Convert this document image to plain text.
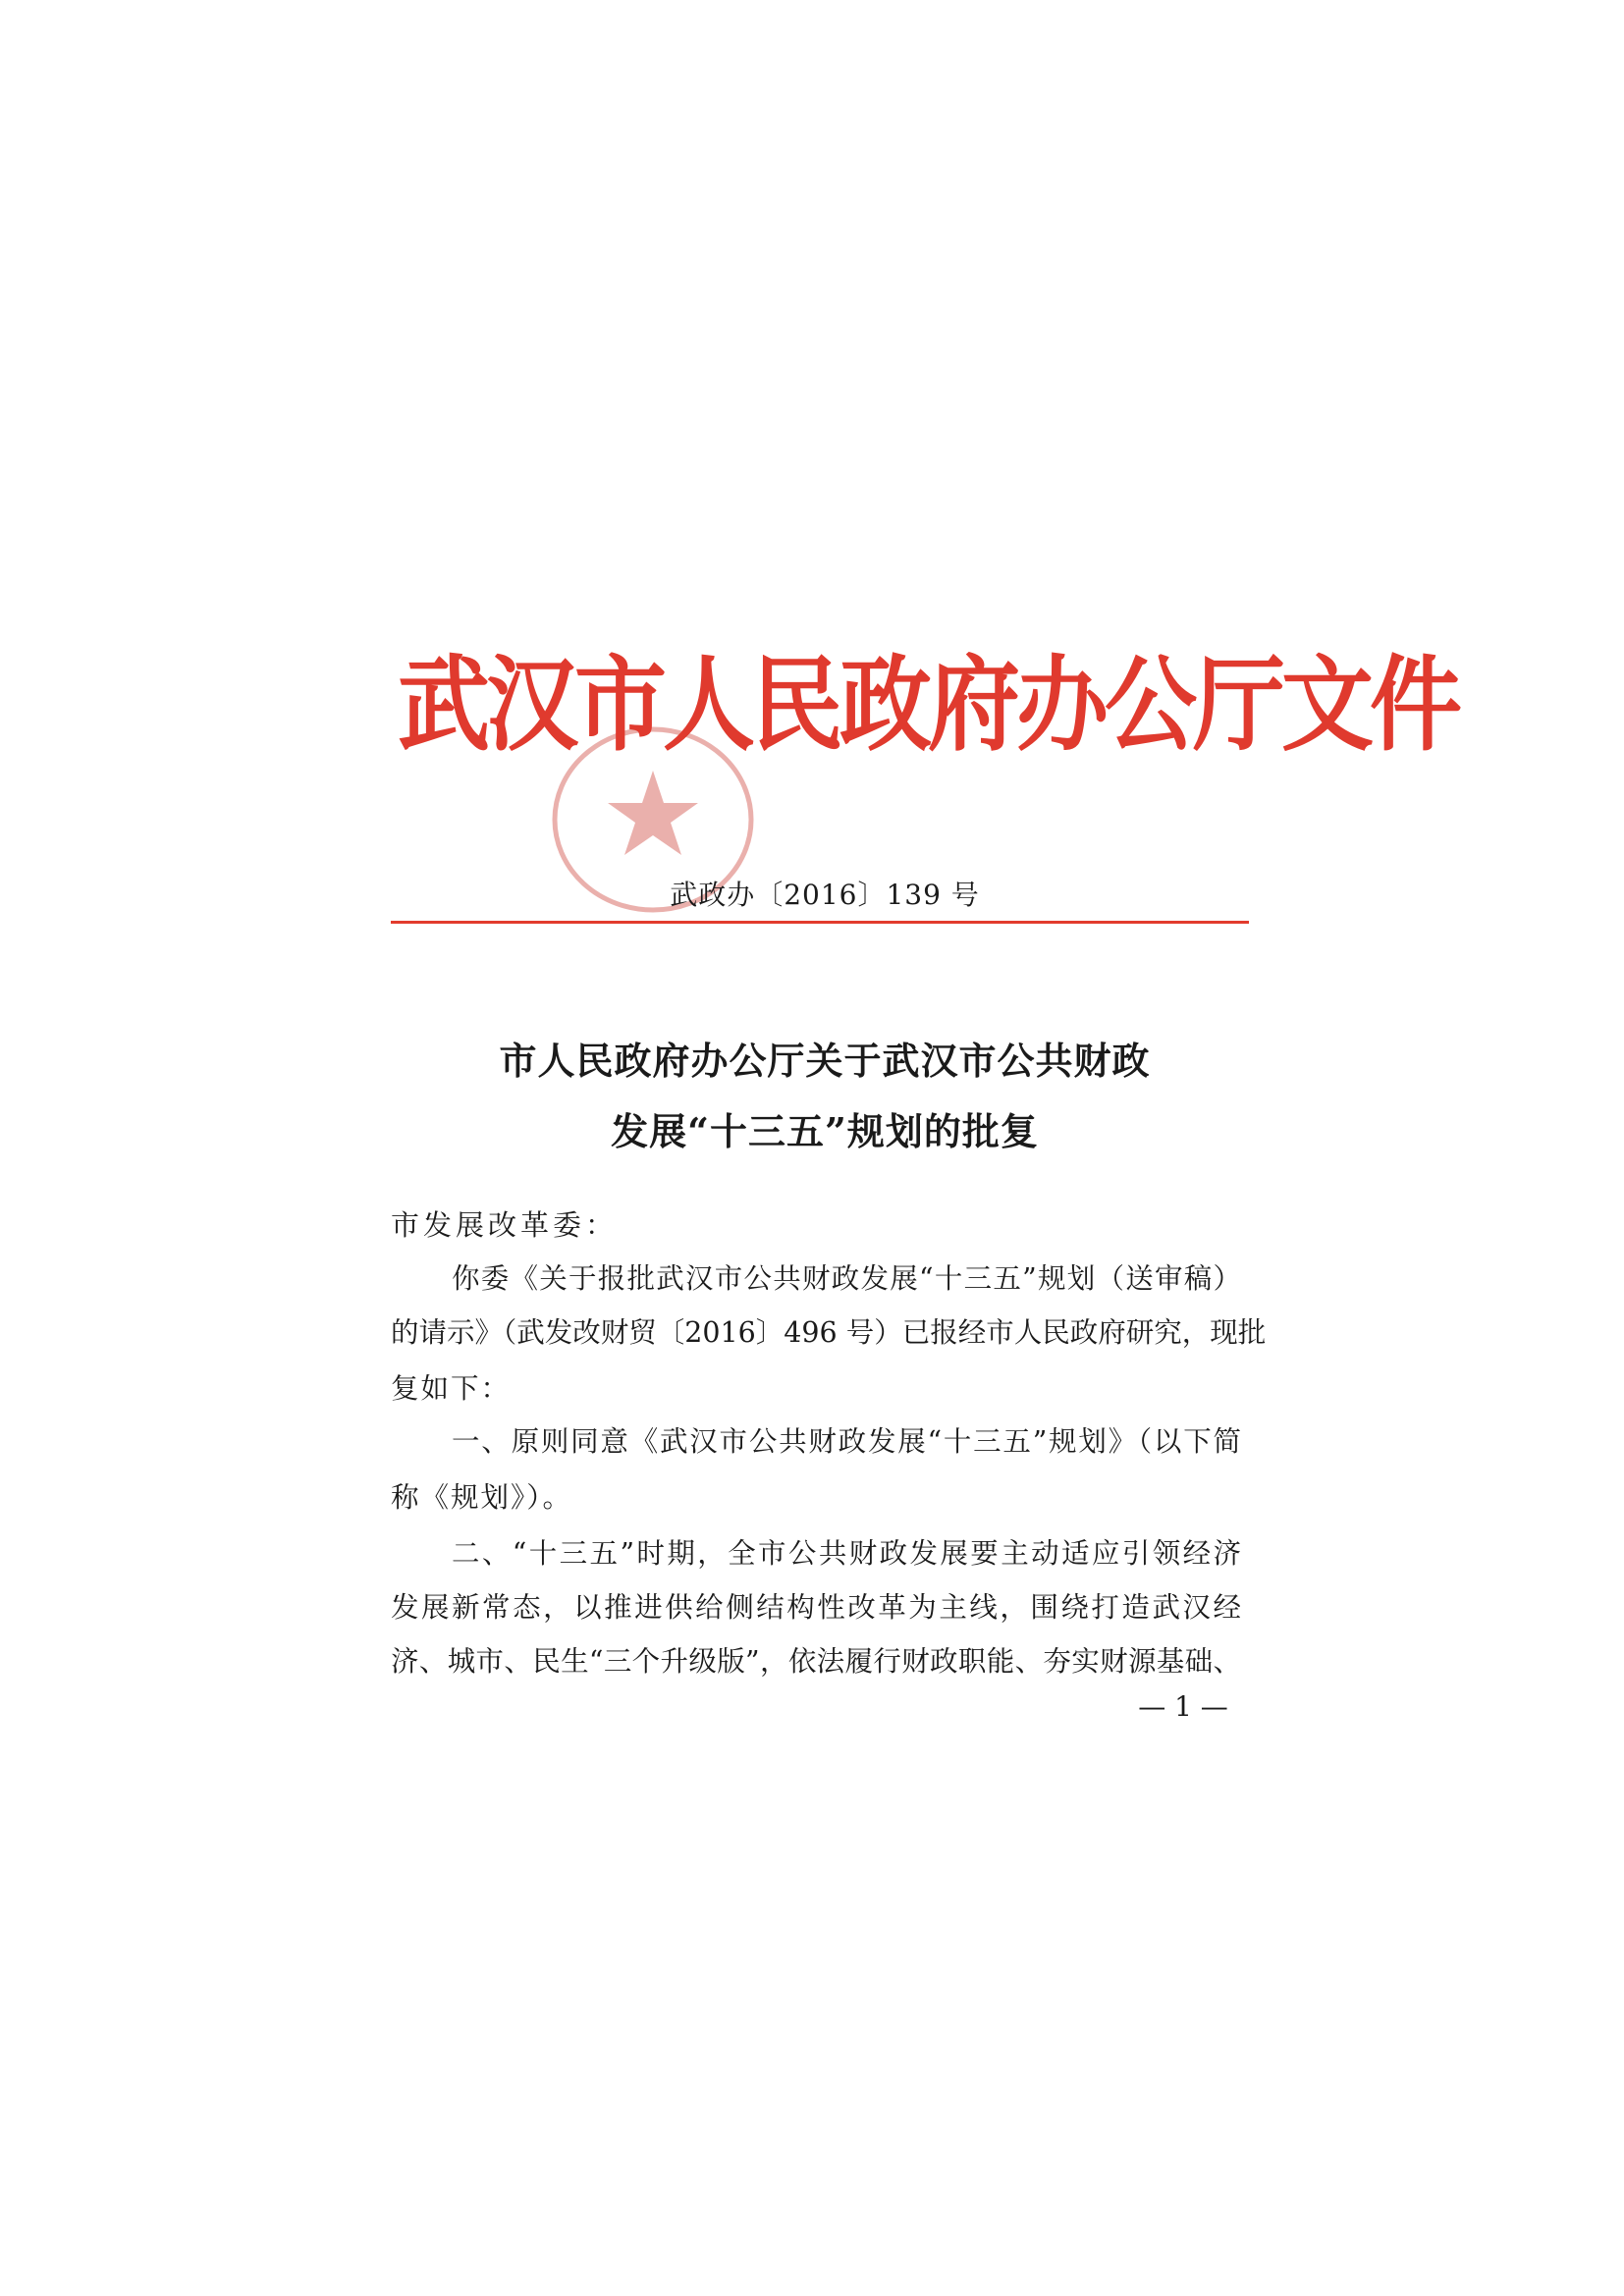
武汉市人民政府办公厅文件
武政办〔2016〕139 号
市人民政府办公厅关于武汉市公共财政
发展“十三五”规划的批复
市发展改革委：
你委《关于报批武汉市公共财政发展“十三五”规划（送审稿）
的请示》（武发改财贸〔2016〕496 号）已报经市人民政府研究，现批
复如下：
一、原则同意《武汉市公共财政发展“十三五”规划》（以下简
称《规划》）。
二、“十三五”时期，全市公共财政发展要主动适应引领经济
发展新常态，以推进供给侧结构性改革为主线，围绕打造武汉经
济、城市、民生“三个升级版”，依法履行财政职能、夯实财源基础、
— 1 —
